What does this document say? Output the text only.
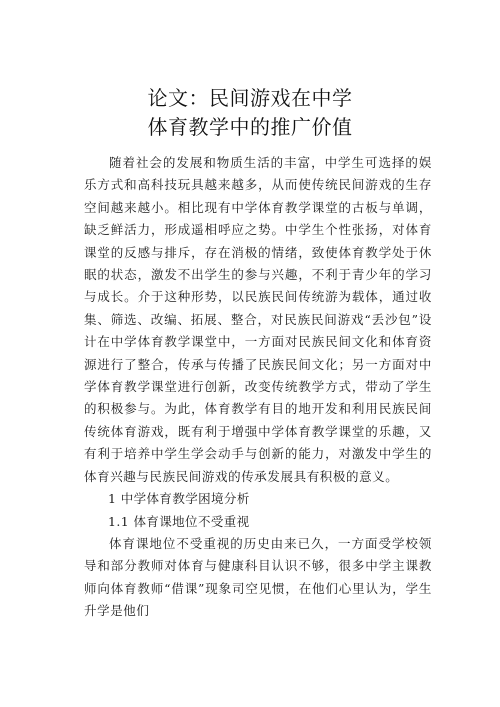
论文：民间游戏在中学
体育教学中的推广价值

随着社会的发展和物质生活的丰富，中学生可选择的娱乐方式和高科技玩具越来越多，从而使传统民间游戏的生存空间越来越小。相比现有中学体育教学课堂的古板与单调，缺乏鲜活力，形成遥相呼应之势。中学生个性张扬，对体育课堂的反感与排斥，存在消极的情绪，致使体育教学处于休眠的状态，激发不出学生的参与兴趣，不利于青少年的学习与成长。介于这种形势，以民族民间传统游为载体，通过收集、筛选、改编、拓展、整合，对民族民间游戏“丢沙包”设计在中学体育教学课堂中，一方面对民族民间文化和体育资源进行了整合，传承与传播了民族民间文化；另一方面对中学体育教学课堂进行创新，改变传统教学方式，带动了学生的积极参与。为此，体育教学有目的地开发和利用民族民间传统体育游戏，既有利于增强中学体育教学课堂的乐趣，又有利于培养中学生学会动手与创新的能力，对激发中学生的体育兴趣与民族民间游戏的传承发展具有积极的意义。

1 中学体育教学困境分析

1.1 体育课地位不受重视

体育课地位不受重视的历史由来已久，一方面受学校领导和部分教师对体育与健康科目认识不够，很多中学主课教师向体育教师“借课”现象司空见惯，在他们心里认为，学生升学是他们
